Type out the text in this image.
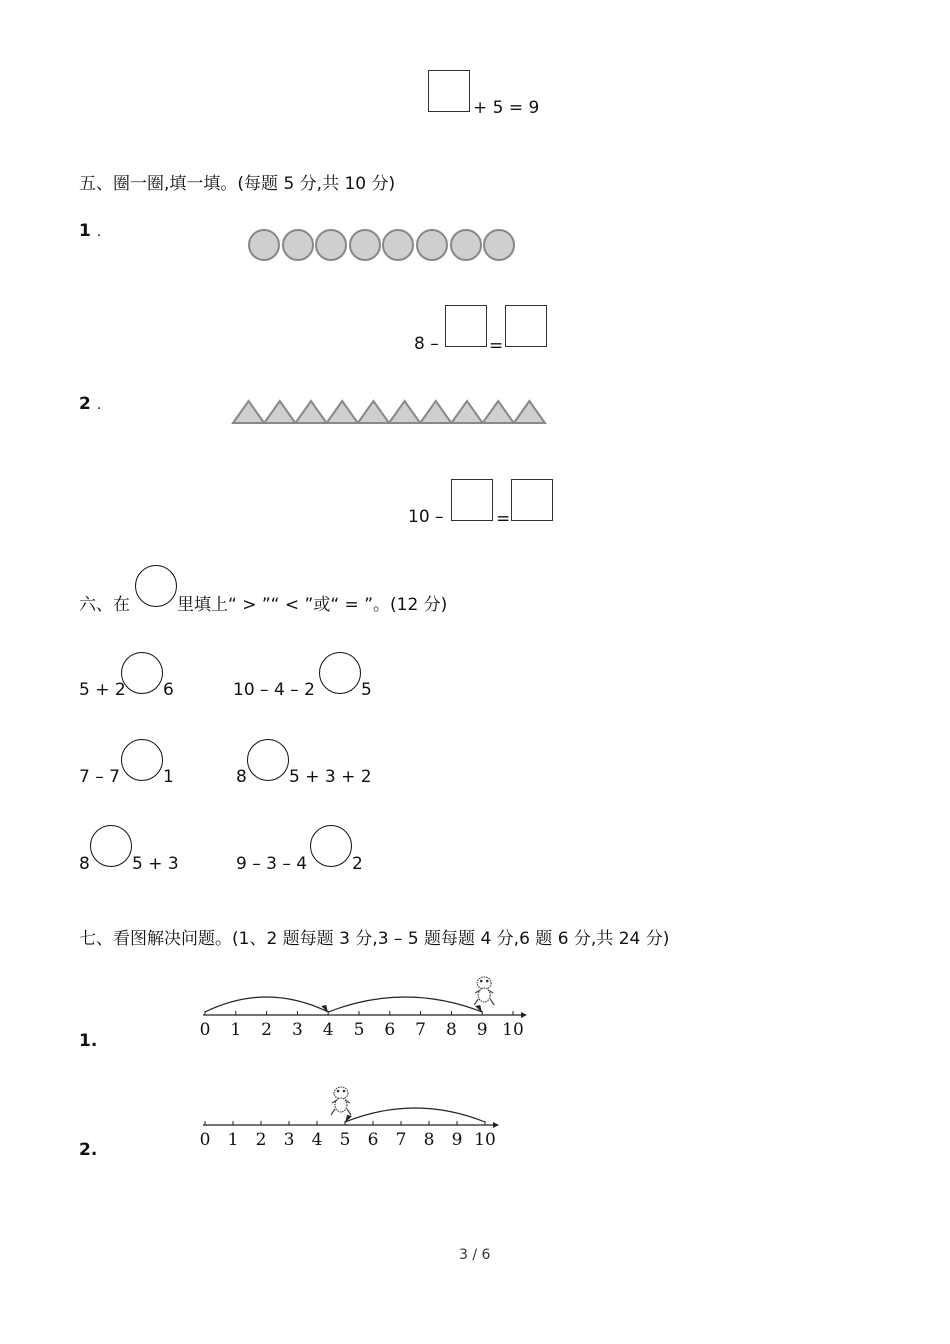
+ 5 = 9
五、圈一圈,填一填。(每题 5 分,共 10 分)
1 .
8 –	=
2 .
10 –	=
六、在	里填上“ > ”“ < ”或“ = ”。(12 分)
5 + 2 6	10 – 4 – 2	5
7 – 7	1	8 5 + 3 + 2
8 5 + 3	9 – 3 – 4	2
七、看图解决问题。(1、2 题每题 3 分,3 – 5 题每题 4 分,6 题 6 分,共 24 分)
1.
0 1 2 3 4 5 6 7 8 9 10
2.	0 1 2 3 4 5 6 7 8 9 10
3 / 6
